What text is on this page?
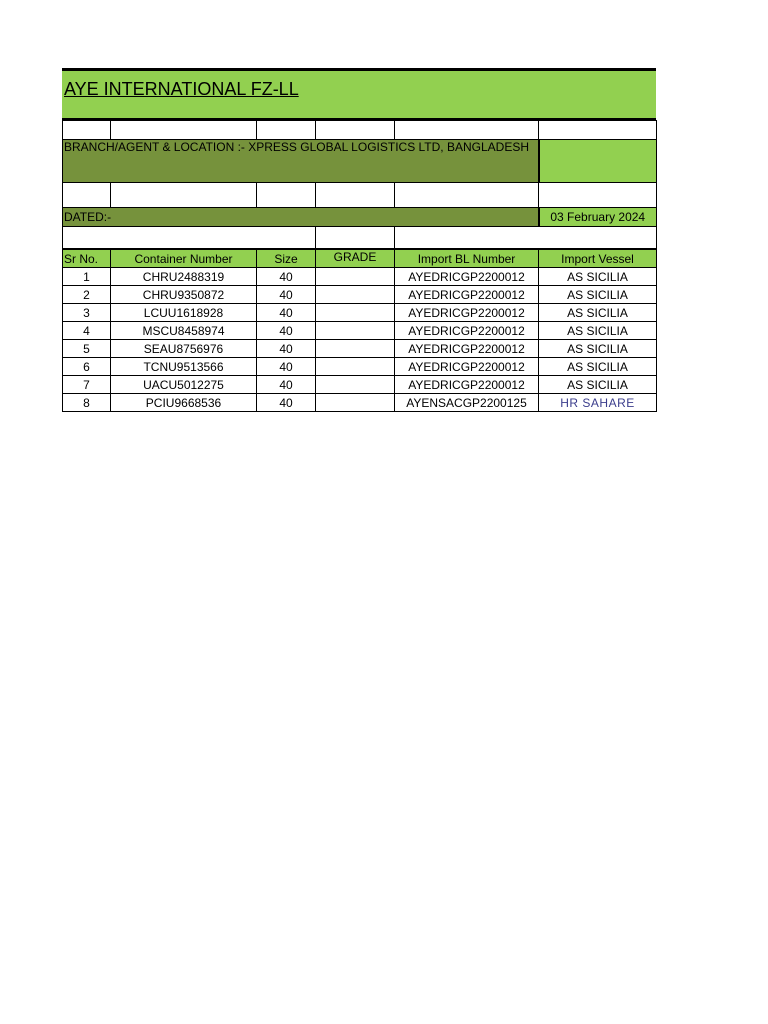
AYE INTERNATIONAL FZ-LL

BRANCH/AGENT & LOCATION :- XPRESS GLOBAL LOGISTICS LTD, BANGLADESH					

DATED:-					03 February 2024

Sr No.	Container Number	Size	GRADE	Import BL Number	Import Vessel
1	CHRU2488319	40		AYEDRICGP2200012	AS SICILIA
2	CHRU9350872	40		AYEDRICGP2200012	AS SICILIA
3	LCUU1618928	40		AYEDRICGP2200012	AS SICILIA
4	MSCU8458974	40		AYEDRICGP2200012	AS SICILIA
5	SEAU8756976	40		AYEDRICGP2200012	AS SICILIA
6	TCNU9513566	40		AYEDRICGP2200012	AS SICILIA
7	UACU5012275	40		AYEDRICGP2200012	AS SICILIA
8	PCIU9668536	40		AYENSACGP2200125	HR SAHARE
